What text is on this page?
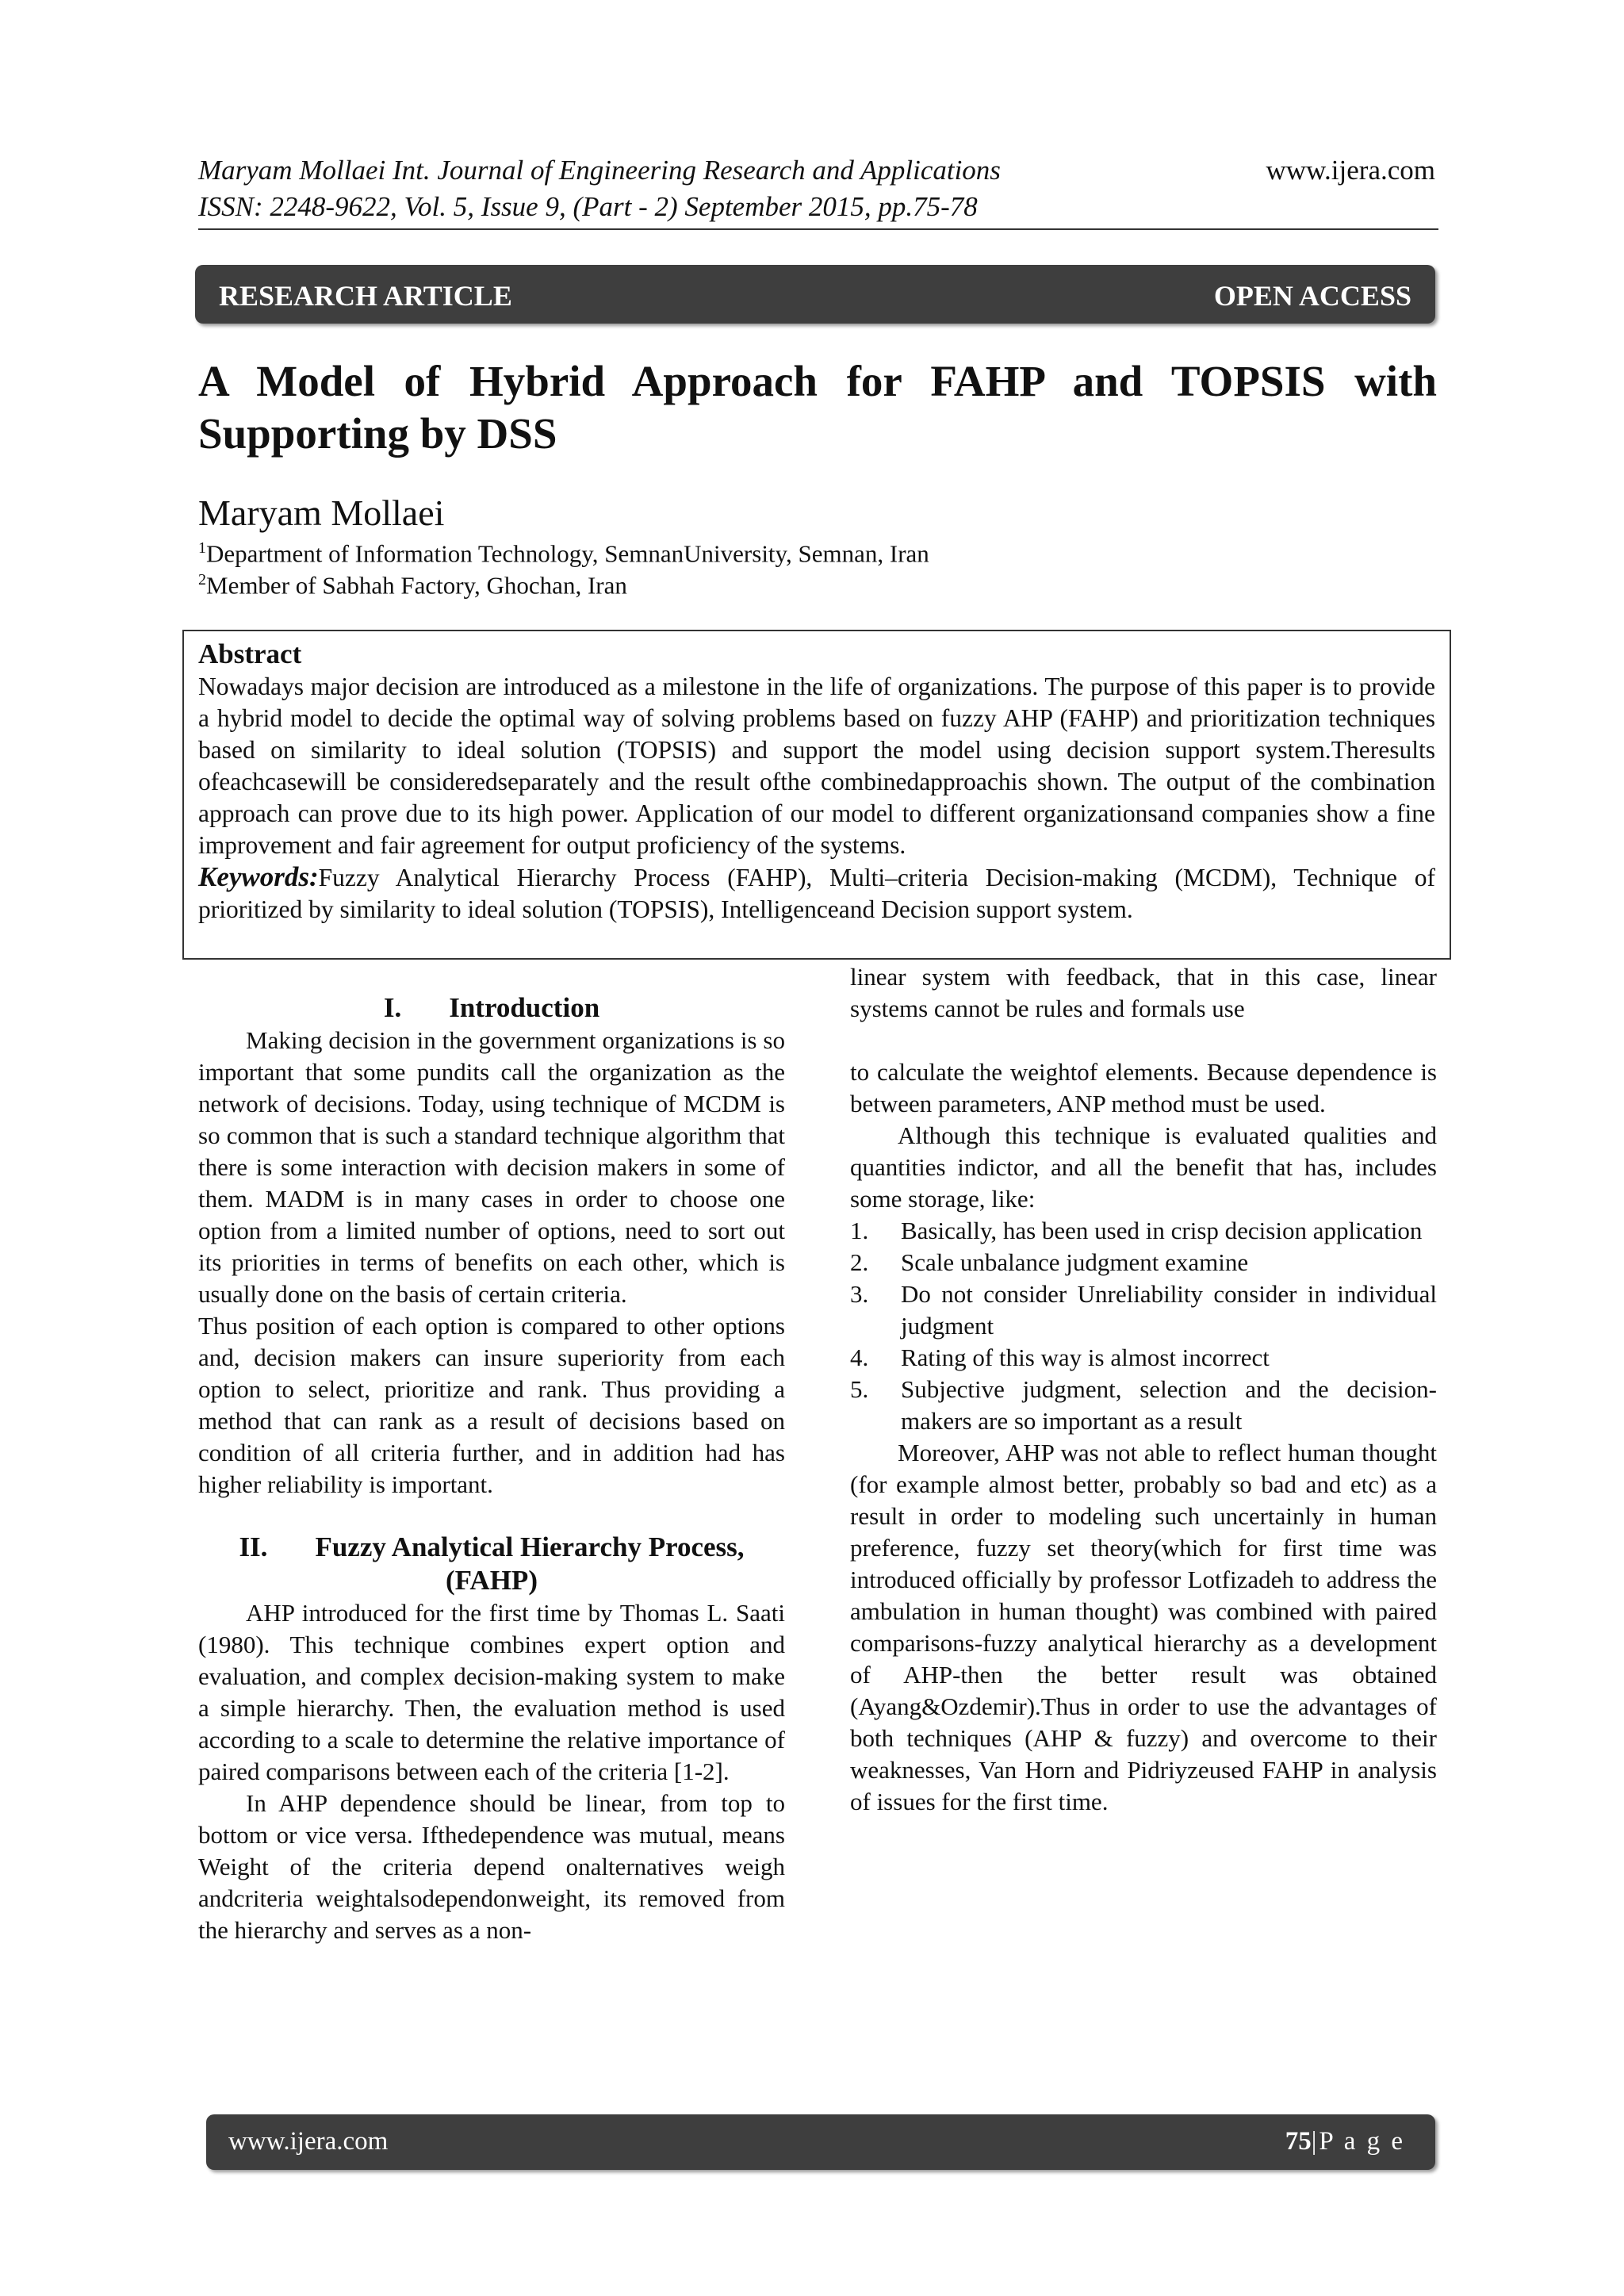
Maryam Mollaei Int. Journal of Engineering Research and Applications
ISSN: 2248-9622, Vol. 5, Issue 9, (Part - 2) September 2015, pp.75-78
www.ijera.com
RESEARCH ARTICLE	OPEN ACCESS
A Model of Hybrid Approach for FAHP and TOPSIS with Supporting by DSS
Maryam Mollaei
$^1$Department of Information Technology, SemnanUniversity, Semnan, Iran
$^2$Member of Sabhah Factory, Ghochan, Iran
Abstract
Nowadays major decision are introduced as a milestone in the life of organizations. The purpose of this paper is to provide a hybrid model to decide the optimal way of solving problems based on fuzzy AHP (FAHP) and prioritization techniques based on similarity to ideal solution (TOPSIS) and support the model using decision support system.Theresults ofeachcasewill be consideredseparately and the result ofthe combinedapproachis shown. The output of the combination approach can prove due to its high power. Application of our model to different organizationsand companies show a fine improvement and fair agreement for output proficiency of the systems.
Keywords:Fuzzy Analytical Hierarchy Process (FAHP), Multi–criteria Decision-making (MCDM), Technique of prioritized by similarity to ideal solution (TOPSIS), Intelligenceand Decision support system.
I. Introduction

Making decision in the government organizations is so important that some pundits call the organization as the network of decisions. Today, using technique of MCDM is so common that is such a standard technique algorithm that there is some interaction with decision makers in some of them. MADM is in many cases in order to choose one option from a limited number of options, need to sort out its priorities in terms of benefits on each other, which is usually done on the basis of certain criteria.

Thus position of each option is compared to other options and, decision makers can insure superiority from each option to select, prioritize and rank. Thus providing a method that can rank as a result of decisions based on condition of all criteria further, and in addition had has higher reliability is important.

II. Fuzzy Analytical Hierarchy Process,
(FAHP)

AHP introduced for the first time by Thomas L. Saati (1980). This technique combines expert option and evaluation, and complex decision-making system to make a simple hierarchy. Then, the evaluation method is used according to a scale to determine the relative importance of paired comparisons between each of the criteria [1-2].

In AHP dependence should be linear, from top to bottom or vice versa. Ifthedependence was mutual, means Weight of the criteria depend onalternatives weigh andcriteria weightalsodependonweight, its removed from the hierarchy and serves as a non-

linear system with feedback, that in this case, linear systems cannot be rules and formals use

to calculate the weightof elements. Because dependence is between parameters, ANP method must be used.

Although this technique is evaluated qualities and quantities indictor, and all the benefit that has, includes some storage, like:

1. Basically, has been used in crisp decision application
2. Scale unbalance judgment examine
3. Do not consider Unreliability consider in individual judgment
4. Rating of this way is almost incorrect
5. Subjective judgment, selection and the decision-makers are so important as a result

Moreover, AHP was not able to reflect human thought (for example almost better, probably so bad and etc) as a result in order to modeling such uncertainly in human preference, fuzzy set theory(which for first time was introduced officially by professor Lotfizadeh to address the ambulation in human thought) was combined with paired comparisons-fuzzy analytical hierarchy as a development of AHP-then the better result was obtained (Ayang&Ozdemir).Thus in order to use the advantages of both techniques (AHP & fuzzy) and overcome to their weaknesses, Van Horn and Pidriyzeused FAHP in analysis of issues for the first time.

www.ijera.com	75|P a g e
